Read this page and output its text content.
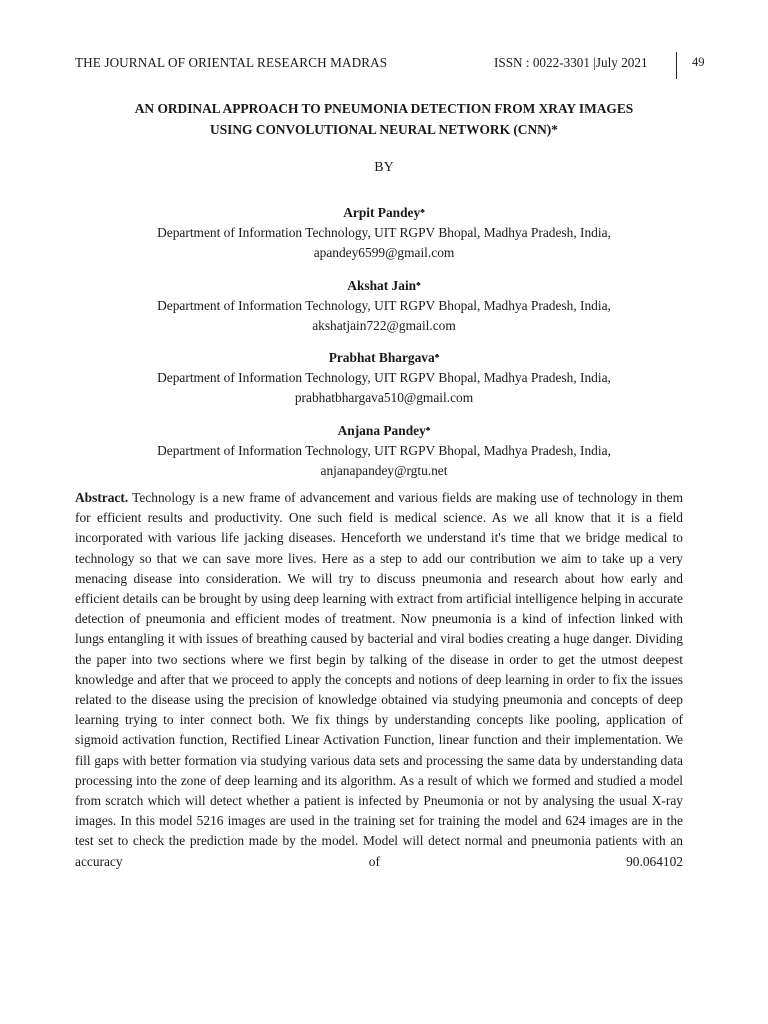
THE JOURNAL OF ORIENTAL RESEARCH MADRAS	ISSN : 0022-3301 |July 2021	49
AN ORDINAL APPROACH TO PNEUMONIA DETECTION FROM XRAY IMAGES
USING CONVOLUTIONAL NEURAL NETWORK (CNN)*
BY
Arpit Pandey♣
Department of Information Technology, UIT RGPV Bhopal, Madhya Pradesh, India,
apandey6599@gmail.com
Akshat Jain♣
Department of Information Technology, UIT RGPV Bhopal, Madhya Pradesh, India,
akshatjain722@gmail.com
Prabhat Bhargava♣
Department of Information Technology, UIT RGPV Bhopal, Madhya Pradesh, India,
prabhatbhargava510@gmail.com
Anjana Pandey♣
Department of Information Technology, UIT RGPV Bhopal, Madhya Pradesh, India,
anjanapandey@rgtu.net
Abstract. Technology is a new frame of advancement and various fields are making use of technology in them for efficient results and productivity. One such field is medical science. As we all know that it is a field incorporated with various life jacking diseases. Henceforth we understand it's time that we bridge medical to technology so that we can save more lives. Here as a step to add our contribution we aim to take up a very menacing disease into consideration. We will try to discuss pneumonia and research about how early and efficient details can be brought by using deep learning with extract from artificial intelligence helping in accurate detection of pneumonia and efficient modes of treatment. Now pneumonia is a kind of infection linked with lungs entangling it with issues of breathing caused by bacterial and viral bodies creating a huge danger. Dividing the paper into two sections where we first begin by talking of the disease in order to get the utmost deepest knowledge and after that we proceed to apply the concepts and notions of deep learning in order to fix the issues related to the disease using the precision of knowledge obtained via studying pneumonia and concepts of deep learning trying to inter connect both. We fix things by understanding concepts like pooling, application of sigmoid activation function, Rectified Linear Activation Function, linear function and their implementation. We fill gaps with better formation via studying various data sets and processing the same data by understanding data processing into the zone of deep learning and its algorithm. As a result of which we formed and studied a model from scratch which will detect whether a patient is infected by Pneumonia or not by analysing the usual X-ray images. In this model 5216 images are used in the training set for training the model and 624 images are in the test set to check the prediction made by the model. Model will detect normal and pneumonia patients with an accuracy of 90.064102
